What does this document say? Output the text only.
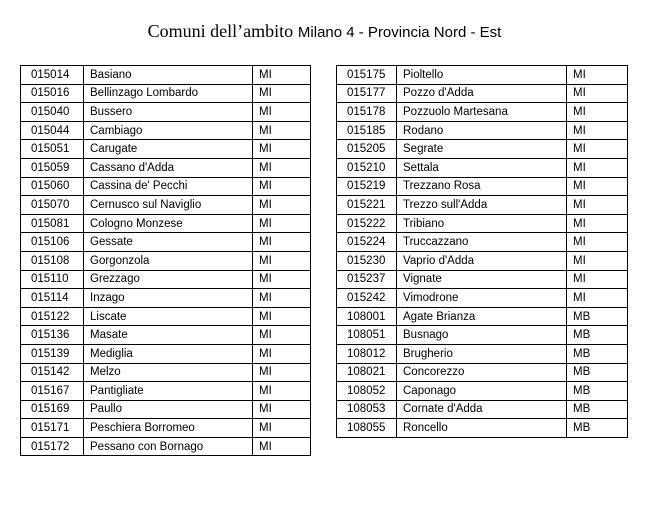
Comuni dell’ambito Milano 4 - Provincia Nord - Est
015014	Basiano	MI
015016	Bellinzago Lombardo	MI
015040	Bussero	MI
015044	Cambiago	MI
015051	Carugate	MI
015059	Cassano d'Adda	MI
015060	Cassina de' Pecchi	MI
015070	Cernusco sul Naviglio	MI
015081	Cologno Monzese	MI
015106	Gessate	MI
015108	Gorgonzola	MI
015110	Grezzago	MI
015114	Inzago	MI
015122	Liscate	MI
015136	Masate	MI
015139	Mediglia	MI
015142	Melzo	MI
015167	Pantigliate	MI
015169	Paullo	MI
015171	Peschiera Borromeo	MI
015172	Pessano con Bornago	MI
015175	Pioltello	MI
015177	Pozzo d'Adda	MI
015178	Pozzuolo Martesana	MI
015185	Rodano	MI
015205	Segrate	MI
015210	Settala	MI
015219	Trezzano Rosa	MI
015221	Trezzo sull'Adda	MI
015222	Tribiano	MI
015224	Truccazzano	MI
015230	Vaprio d'Adda	MI
015237	Vignate	MI
015242	Vimodrone	MI
108001	Agate Brianza	MB
108051	Busnago	MB
108012	Brugherio	MB
108021	Concorezzo	MB
108052	Caponago	MB
108053	Cornate d'Adda	MB
108055	Roncello	MB
